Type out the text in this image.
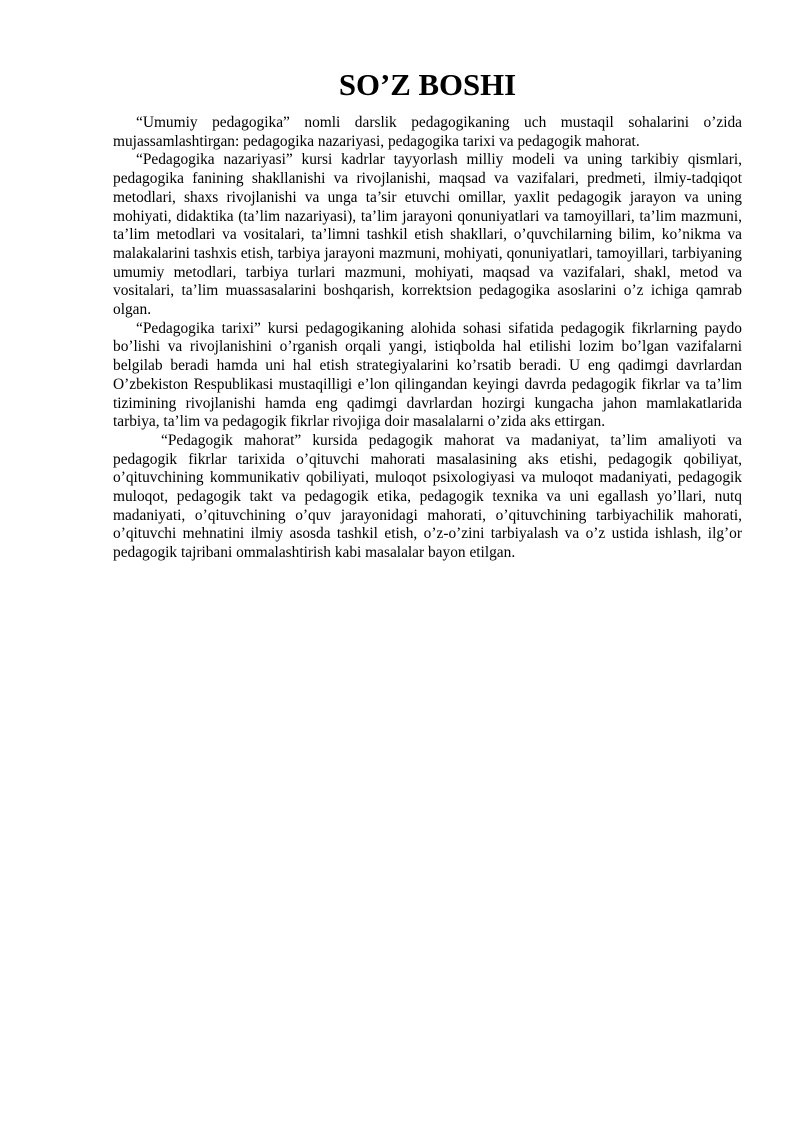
SO’Z BOSHI

“Umumiy pedagogika” nomli darslik pedagogikaning uch mustaqil sohalarini o’zida mujassamlashtirgan: pedagogika nazariyasi, pedagogika tarixi va pedagogik mahorat.

“Pedagogika nazariyasi” kursi kadrlar tayyorlash milliy modeli va uning tarkibiy qismlari, pedagogika fanining shakllanishi va rivojlanishi, maqsad va vazifalari, predmeti, ilmiy-tadqiqot metodlari, shaxs rivojlanishi va unga ta’sir etuvchi omillar, yaxlit pedagogik jarayon va uning mohiyati, didaktika (ta’lim nazariyasi), ta’lim jarayoni qonuniyatlari va tamoyillari, ta’lim mazmuni, ta’lim metodlari va vositalari, ta’limni tashkil etish shakllari, o’quvchilarning bilim, ko’nikma va malakalarini tashxis etish, tarbiya jarayoni mazmuni, mohiyati, qonuniyatlari, tamoyillari, tarbiyaning umumiy metodlari, tarbiya turlari mazmuni, mohiyati, maqsad va vazifalari, shakl, metod va vositalari, ta’lim muassasalarini boshqarish, korrektsion pedagogika asoslarini o’z ichiga qamrab olgan.

“Pedagogika tarixi” kursi pedagogikaning alohida sohasi sifatida pedagogik fikrlarning paydo bo’lishi va rivojlanishini o’rganish orqali yangi, istiqbolda hal etilishi lozim bo’lgan vazifalarni belgilab beradi hamda uni hal etish strategiyalarini ko’rsatib beradi. U eng qadimgi davrlardan O’zbekiston Respublikasi mustaqilligi e’lon qilingandan keyingi davrda pedagogik fikrlar va ta’lim tizimining rivojlanishi hamda eng qadimgi davrlardan hozirgi kungacha jahon mamlakatlarida tarbiya, ta’lim va pedagogik fikrlar rivojiga doir masalalarni o’zida aks ettirgan.

“Pedagogik mahorat” kursida pedagogik mahorat va madaniyat, ta’lim amaliyoti va pedagogik fikrlar tarixida o’qituvchi mahorati masalasining aks etishi, pedagogik qobiliyat, o’qituvchining kommunikativ qobiliyati, muloqot psixologiyasi va muloqot madaniyati, pedagogik muloqot, pedagogik takt va pedagogik etika, pedagogik texnika va uni egallash yo’llari, nutq madaniyati, o’qituvchining o’quv jarayonidagi mahorati, o’qituvchining tarbiyachilik mahorati, o’qituvchi mehnatini ilmiy asosda tashkil etish, o’z-o’zini tarbiyalash va o’z ustida ishlash, ilg’or pedagogik tajribani ommalashtirish kabi masalalar bayon etilgan.
